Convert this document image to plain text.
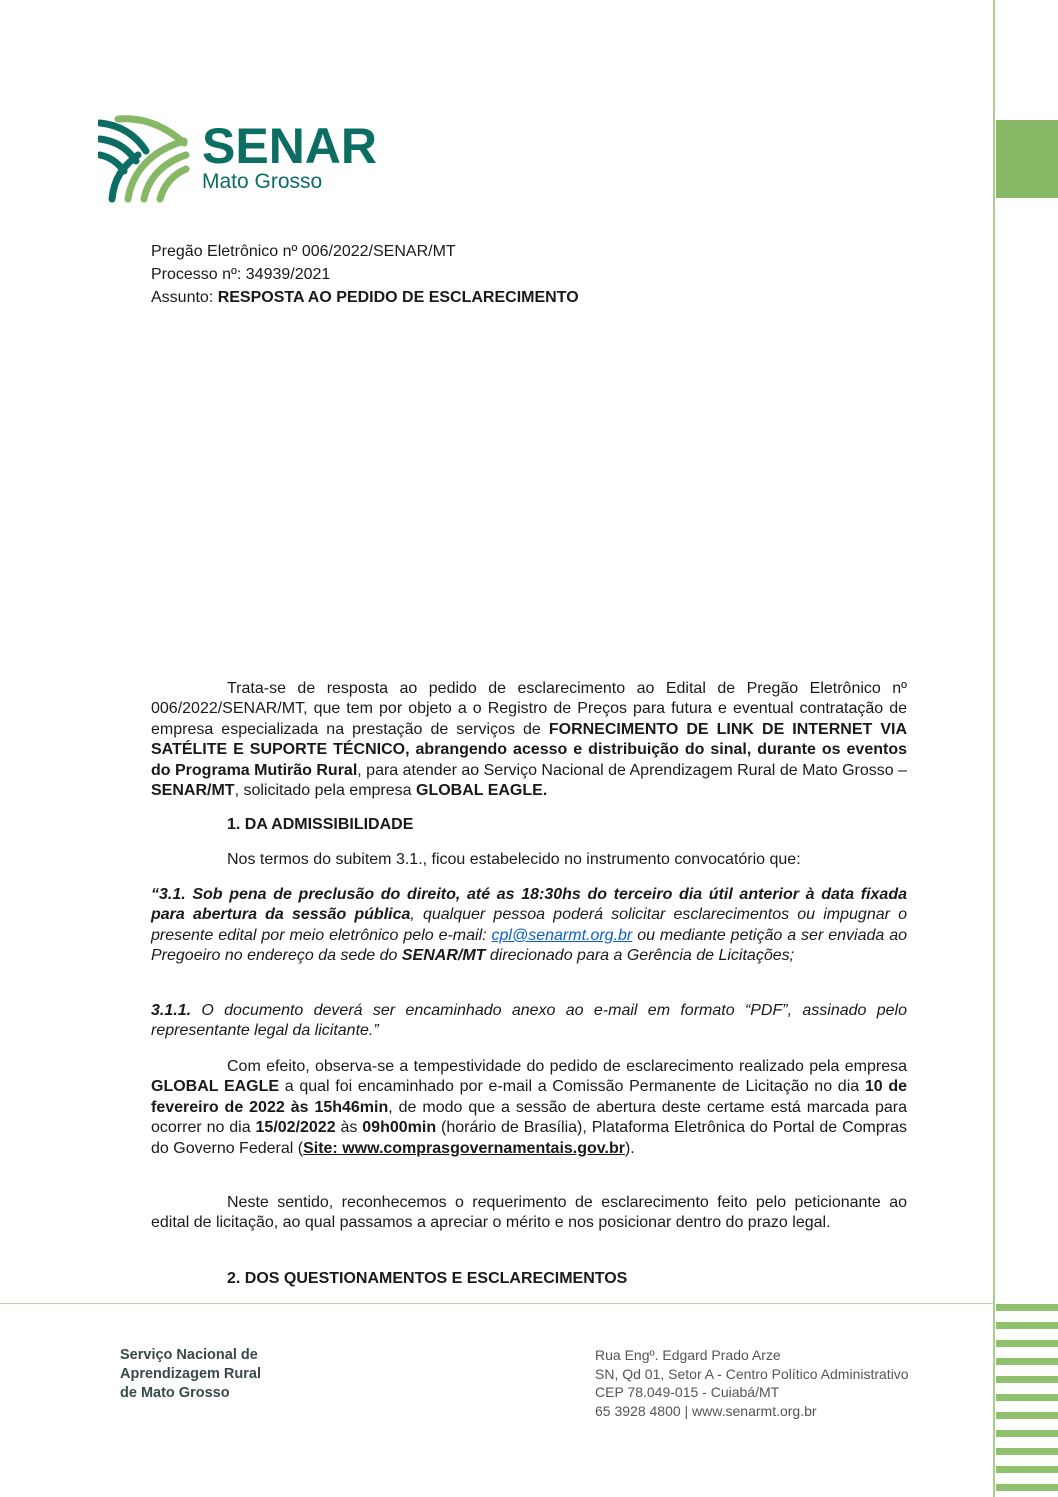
SENAR
Mato Grosso
Pregão Eletrônico nº 006/2022/SENAR/MT
Processo nº: 34939/2021
Assunto: RESPOSTA AO PEDIDO DE ESCLARECIMENTO
Trata-se de resposta ao pedido de esclarecimento ao Edital de Pregão Eletrônico nº 006/2022/SENAR/MT, que tem por objeto a o Registro de Preços para futura e eventual contratação de empresa especializada na prestação de serviços de FORNECIMENTO DE LINK DE INTERNET VIA SATÉLITE E SUPORTE TÉCNICO, abrangendo acesso e distribuição do sinal, durante os eventos do Programa Mutirão Rural, para atender ao Serviço Nacional de Aprendizagem Rural de Mato Grosso – SENAR/MT, solicitado pela empresa GLOBAL EAGLE.
1. DA ADMISSIBILIDADE
Nos termos do subitem 3.1., ficou estabelecido no instrumento convocatório que:
“3.1. Sob pena de preclusão do direito, até as 18:30hs do terceiro dia útil anterior à data fixada para abertura da sessão pública, qualquer pessoa poderá solicitar esclarecimentos ou impugnar o presente edital por meio eletrônico pelo e-mail: cpl@senarmt.org.br ou mediante petição a ser enviada ao Pregoeiro no endereço da sede do SENAR/MT direcionado para a Gerência de Licitações;
3.1.1. O documento deverá ser encaminhado anexo ao e-mail em formato “PDF”, assinado pelo representante legal da licitante.”
Com efeito, observa-se a tempestividade do pedido de esclarecimento realizado pela empresa GLOBAL EAGLE a qual foi encaminhado por e-mail a Comissão Permanente de Licitação no dia 10 de fevereiro de 2022 às 15h46min, de modo que a sessão de abertura deste certame está marcada para ocorrer no dia 15/02/2022 às 09h00min (horário de Brasília), Plataforma Eletrônica do Portal de Compras do Governo Federal (Site: www.comprasgovernamentais.gov.br).
Neste sentido, reconhecemos o requerimento de esclarecimento feito pelo peticionante ao edital de licitação, ao qual passamos a apreciar o mérito e nos posicionar dentro do prazo legal.
2. DOS QUESTIONAMENTOS E ESCLARECIMENTOS
Serviço Nacional de
Aprendizagem Rural
de Mato Grosso
Rua Engº. Edgard Prado Arze
SN, Qd 01, Setor A - Centro Político Administrativo
CEP 78.049-015 - Cuiabá/MT
65 3928 4800 | www.senarmt.org.br
